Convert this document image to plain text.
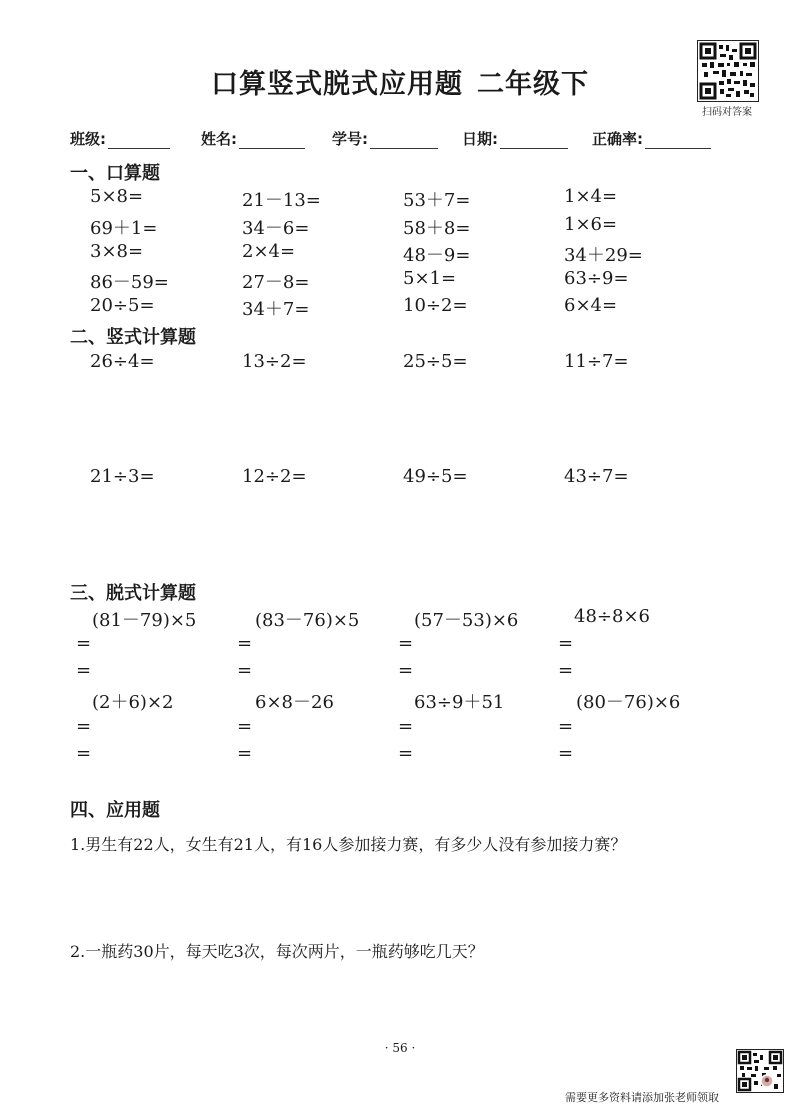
口算竖式脱式应用题 二年级下
扫码对答案
班级:	姓名:	学号:	日期:	正确率:
一、口算题
5×8=	21－13=	53＋7=	1×4=
69＋1=	34－6=	58＋8=	1×6=
3×8=	2×4=	48－9=	34＋29=
86－59=	27－8=	5×1=	63÷9=
20÷5=	34＋7=	10÷2=	6×4=
二、竖式计算题
26÷4=	13÷2=	25÷5=	11÷7=
21÷3=	12÷2=	49÷5=	43÷7=
三、脱式计算题
(81－79)×5	(83－76)×5	(57－53)×6	48÷8×6
=	=	=	=
=	=	=	=
(2＋6)×2	6×8－26	63÷9＋51	(80－76)×6
=	=	=	=
=	=	=	=
四、应用题
1.男生有22人，女生有21人，有16人参加接力赛，有多少人没有参加接力赛？
2.一瓶药30片，每天吃3次，每次两片，一瓶药够吃几天？
· 56 ·
需要更多资料请添加张老师领取
